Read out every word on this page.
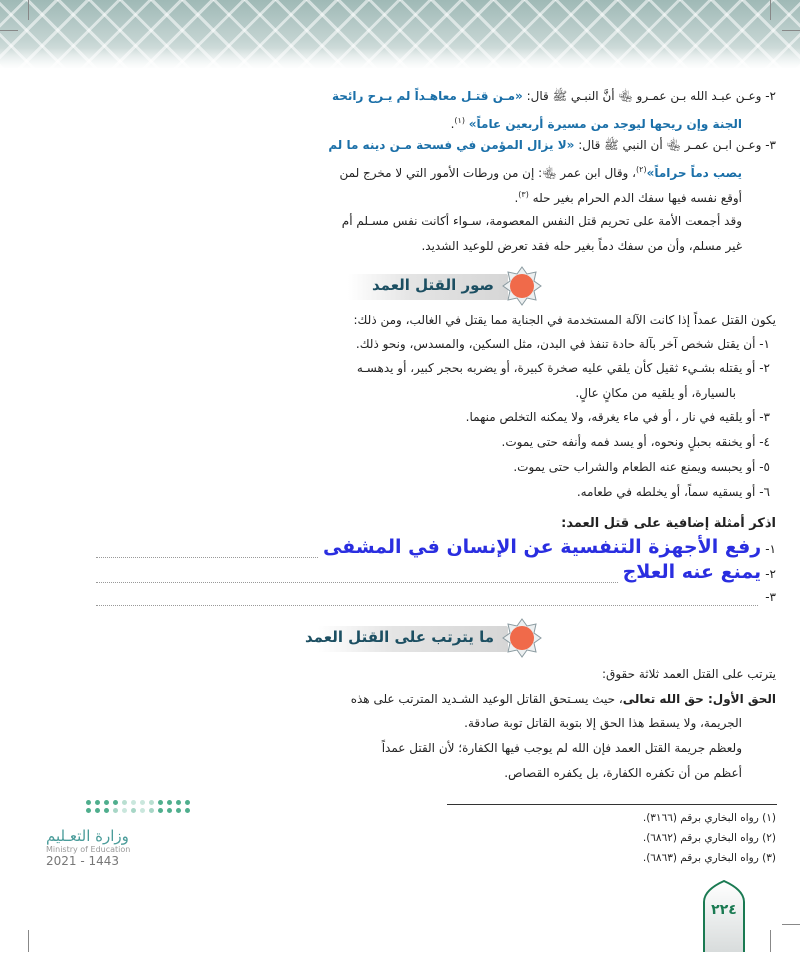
٢- وعـن عبـد الله بـن عمـرو ﵄ أنَّ النبـي ﷺ قال: «مـن قتـل معاهـداً لم يـرح رائحة
الجنة وإن ريحها ليوجد من مسيرة أربعين عاماً» $^{(١)}$.
٣- وعـن ابـن عمـر ﵄ أن النبي ﷺ قال: «لا يزال المؤمن في فسحة مـن دينه ما لم
يصب دماً حراماً»$^{(٢)}$، وقال ابن عمر ﵄: إن من ورطات الأمور التي لا مخرج لمن
أوقع نفسه فيها سفك الدم الحرام بغير حله $^{(٣)}$.
وقد أجمعت الأمة على تحريم قتل النفس المعصومة، سـواء أكانت نفس مسـلم أم
غير مسلم، وأن من سفك دماً بغير حله فقد تعرض للوعيد الشديد.
صور القتل العمد
يكون القتل عمداً إذا كانت الآلة المستخدمة في الجناية مما يقتل في الغالب، ومن ذلك:
١- أن يقتل شخص آخر بآلة حادة تنفذ في البدن، مثل السكين، والمسدس، ونحو ذلك.
٢- أو يقتله بشـيء ثقيل كأن يلقي عليه صخرة كبيرة، أو يضربه بحجر كبير، أو يدهسـه
بالسيارة، أو يلقيه من مكانٍ عالٍ.
٣- أو يلقيه في نار ، أو في ماء يغرقه، ولا يمكنه التخلص منهما.
٤- أو يخنقه بحبلٍ ونحوه، أو يسد فمه وأنفه حتى يموت.
٥- أو يحبسه ويمنع عنه الطعام والشراب حتى يموت.
٦- أو يسقيه سماً، أو يخلطه في طعامه.
اذكر أمثلة إضافية على قتل العمد:
١-رفع الأجهزة التنفسية عن الإنسان في المشفى
٢-يمنع عنه العلاج
٣-
ما يترتب على القتل العمد
يترتب على القتل العمد ثلاثة حقوق:
الحق الأول: حق الله تعالى، حيث يسـتحق القاتل الوعيد الشـديد المترتب على هذه
الجريمة، ولا يسقط هذا الحق إلا بتوبة القاتل توبة صادقة.
ولعظم جريمة القتل العمد فإن الله لم يوجب فيها الكفارة؛ لأن القتل عمداً
أعظم من أن تكفره الكفارة، بل يكفره القصاص.
(١) رواه البخاري برقم (٣١٦٦).
(٢) رواه البخاري برقم (٦٨٦٢).
(٣) رواه البخاري برقم (٦٨٦٣).
وزارة التعـليم
Ministry of Education
2021 - 1443
٢٢٤
